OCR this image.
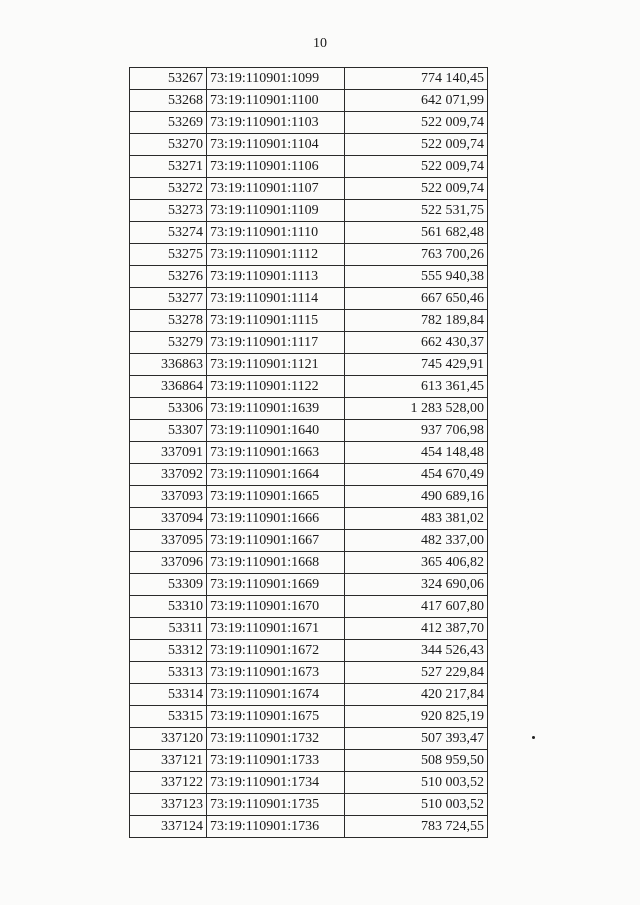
10
53267	73:19:110901:1099	774 140,45
53268	73:19:110901:1100	642 071,99
53269	73:19:110901:1103	522 009,74
53270	73:19:110901:1104	522 009,74
53271	73:19:110901:1106	522 009,74
53272	73:19:110901:1107	522 009,74
53273	73:19:110901:1109	522 531,75
53274	73:19:110901:1110	561 682,48
53275	73:19:110901:1112	763 700,26
53276	73:19:110901:1113	555 940,38
53277	73:19:110901:1114	667 650,46
53278	73:19:110901:1115	782 189,84
53279	73:19:110901:1117	662 430,37
336863	73:19:110901:1121	745 429,91
336864	73:19:110901:1122	613 361,45
53306	73:19:110901:1639	1 283 528,00
53307	73:19:110901:1640	937 706,98
337091	73:19:110901:1663	454 148,48
337092	73:19:110901:1664	454 670,49
337093	73:19:110901:1665	490 689,16
337094	73:19:110901:1666	483 381,02
337095	73:19:110901:1667	482 337,00
337096	73:19:110901:1668	365 406,82
53309	73:19:110901:1669	324 690,06
53310	73:19:110901:1670	417 607,80
53311	73:19:110901:1671	412 387,70
53312	73:19:110901:1672	344 526,43
53313	73:19:110901:1673	527 229,84
53314	73:19:110901:1674	420 217,84
53315	73:19:110901:1675	920 825,19
337120	73:19:110901:1732	507 393,47
337121	73:19:110901:1733	508 959,50
337122	73:19:110901:1734	510 003,52
337123	73:19:110901:1735	510 003,52
337124	73:19:110901:1736	783 724,55
